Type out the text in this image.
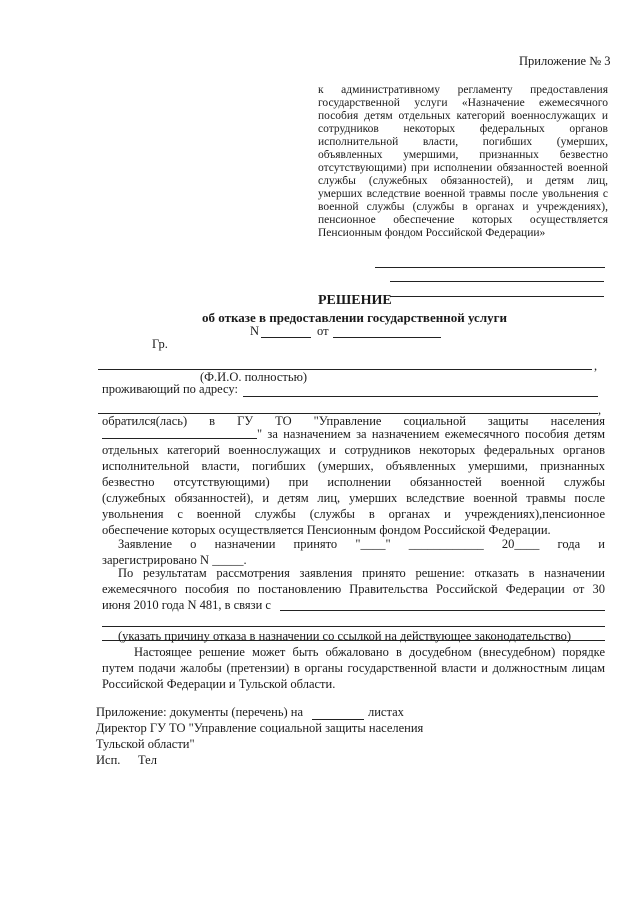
Приложение № 3
к административному регламенту предоставления
государственной услуги «Назначение ежемесячного
пособия детям отдельных категорий военнослужащих и
сотрудников некоторых федеральных органов
исполнительной власти, погибших (умерших,
объявленных умершими, признанных безвестно
отсутствующими) при исполнении обязанностей военной
службы (служебных обязанностей), и детям лиц,
умерших вследствие военной травмы после увольнения с
военной службы (службы в органах и учреждениях),
пенсионное обеспечение которых осуществляется
Пенсионным фондом Российской Федерации»
РЕШЕНИЕ
об отказе в предоставлении государственной услуги
N	от
Гр.
,
(Ф.И.О. полностью)
проживающий по адресу:
,
обратился(лась) в ГУ ТО "Управление социальной защиты населения
" за назначением за назначением ежемесячного пособия детям
отдельных категорий военнослужащих и сотрудников некоторых федеральных органов
исполнительной власти, погибших (умерших, объявленных умершими, признанных
безвестно отсутствующими) при исполнении обязанностей военной службы
(служебных обязанностей), и детям лиц, умерших вследствие военной травмы после
увольнения с военной службы (службы в органах и учреждениях),пенсионное
обеспечение которых осуществляется Пенсионным фондом Российской Федерации.
Заявление о назначении принято "____" ____________ 20____ года и
зарегистрировано N _____.
По результатам рассмотрения заявления принято решение: отказать в назначении
ежемесячного пособия по постановлению Правительства Российской Федерации от 30
июня 2010 года N 481, в связи с
(указать причину отказа в назначении со ссылкой на действующее законодательство)
Настоящее решение может быть обжаловано в досудебном (внесудебном) порядке
путем подачи жалобы (претензии) в органы государственной власти и должностным лицам
Российской Федерации и Тульской области.
Приложение: документы (перечень) на	листах
Директор ГУ ТО "Управление социальной защиты населения
Тульской области"
Исп. Тел
